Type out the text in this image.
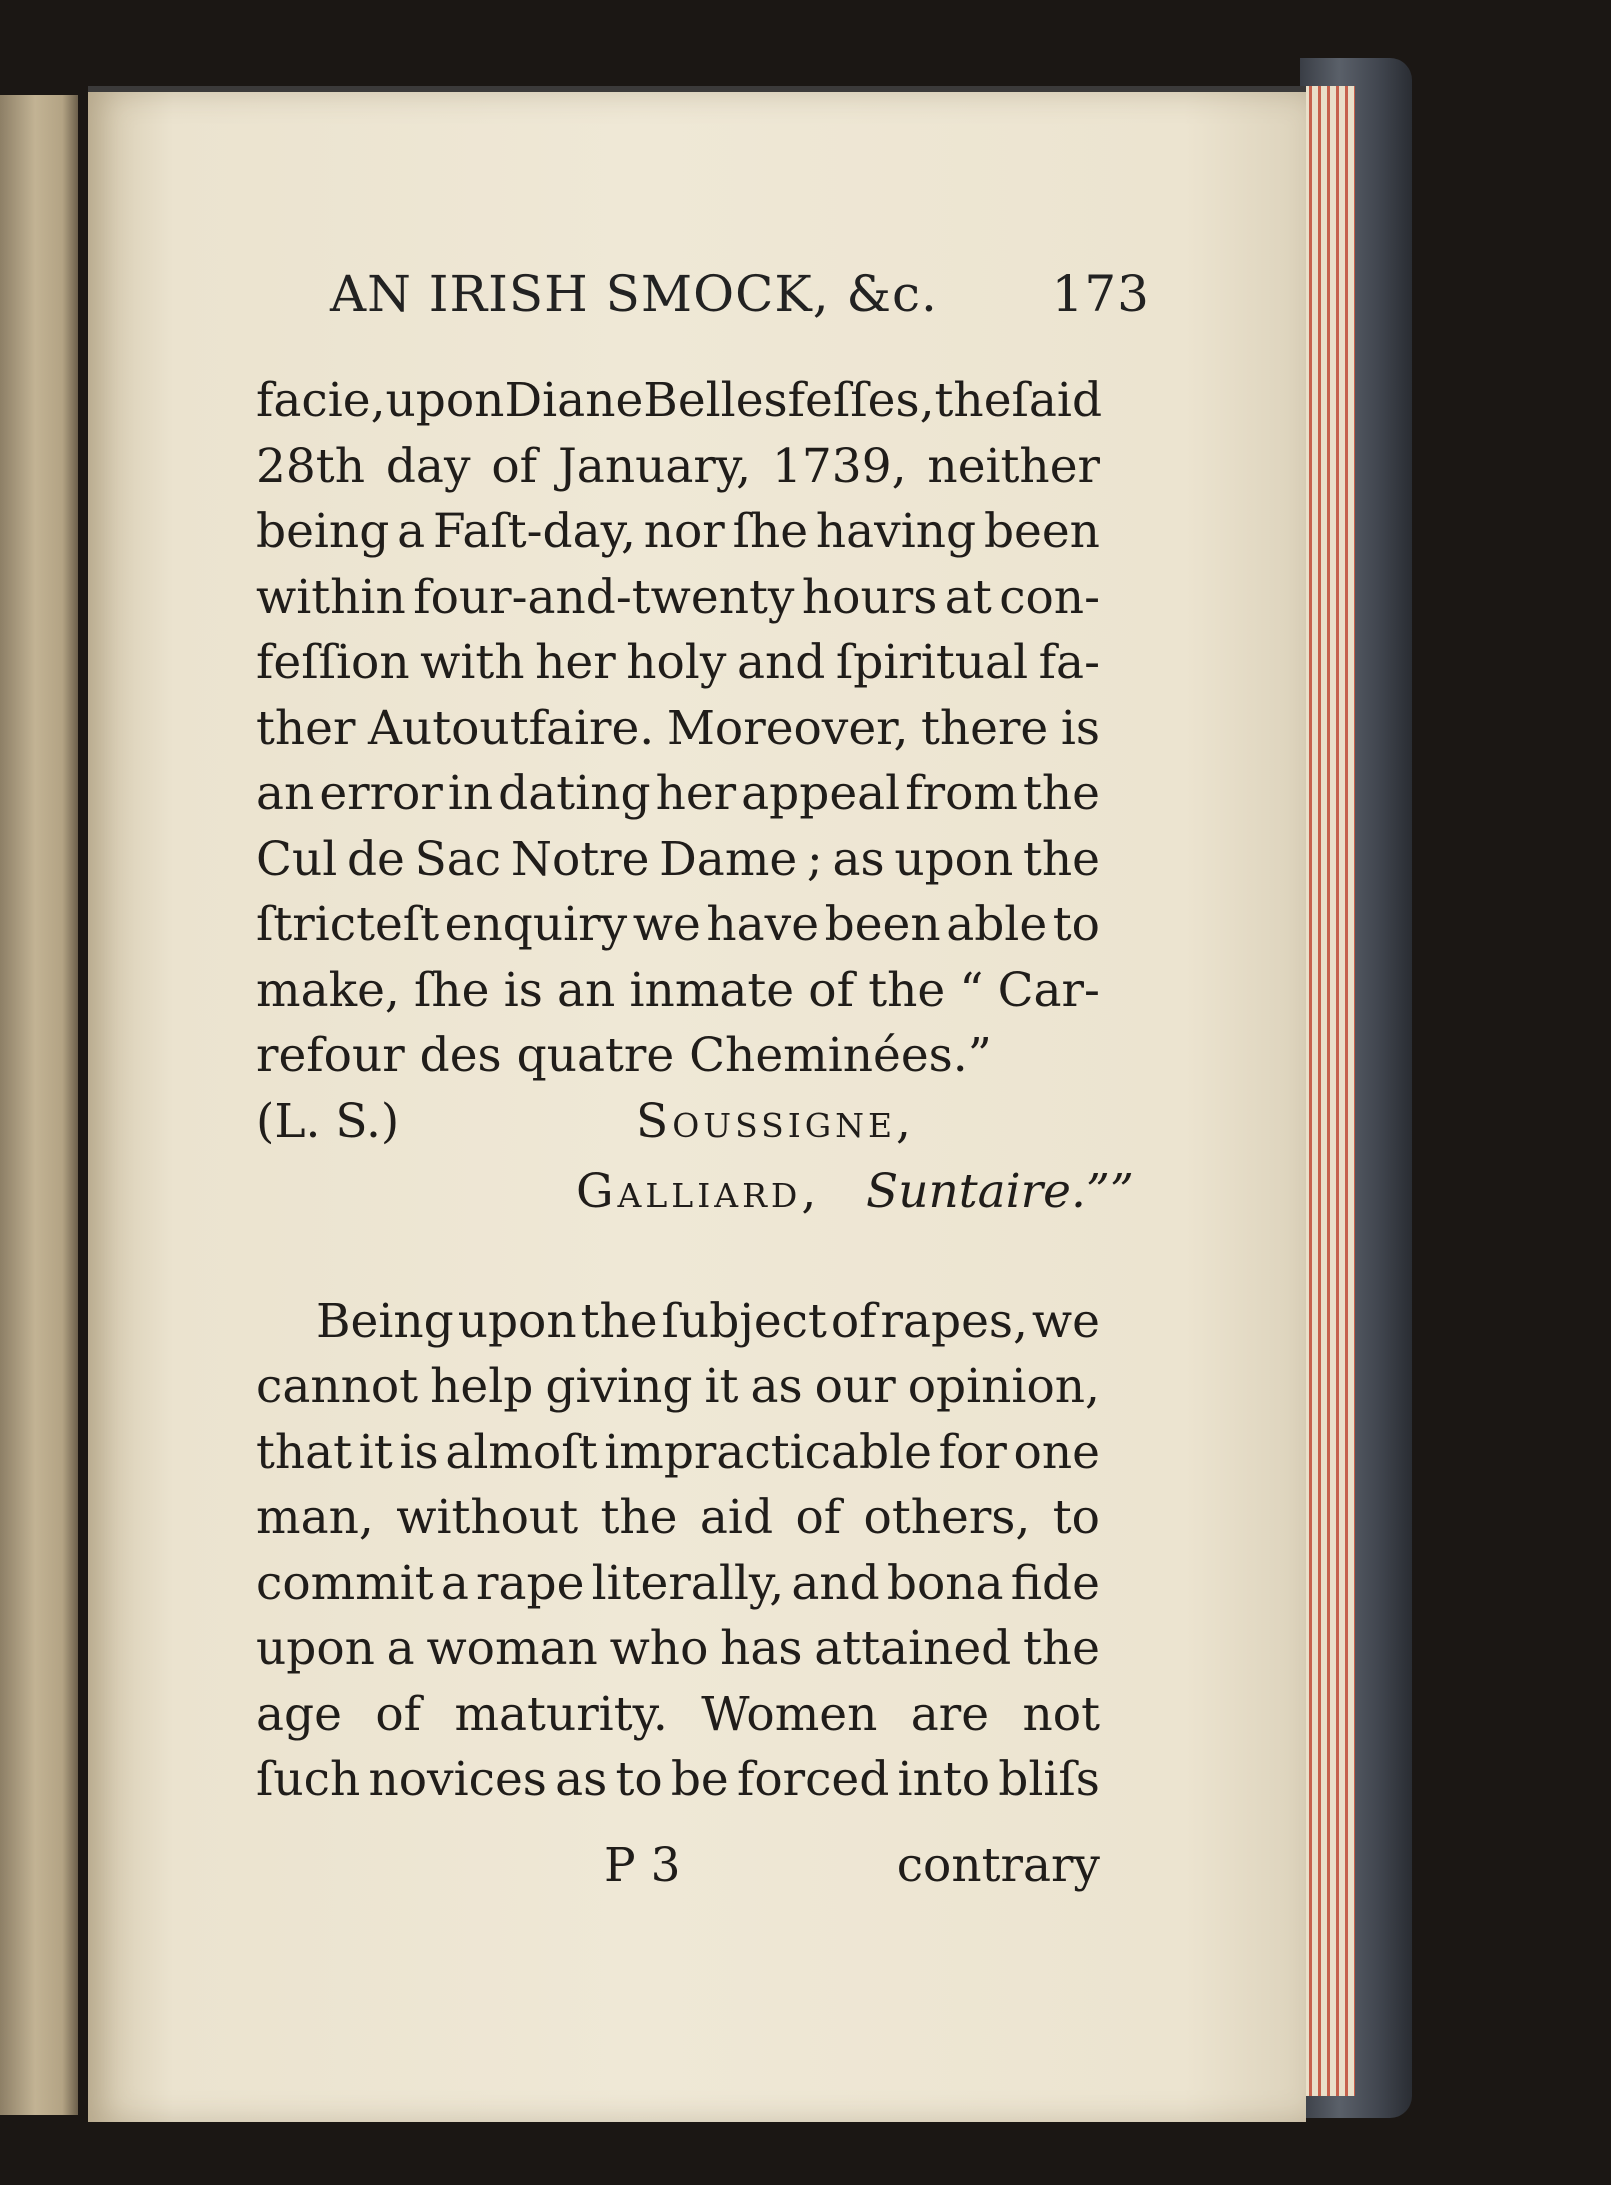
AN IRISH SMOCK, &c. 173
facie, upon Diane Bellesfeſſes, the ſaid
28th day of January, 1739, neither
being a Faſt-day, nor ſhe having been
within four-and-twenty hours at con-
feſſion with her holy and ſpiritual fa-
ther Autoutfaire. Moreover, there is
an error in dating her appeal from the
Cul de Sac Notre Dame ; as upon the
ſtricteſt enquiry we have been able to
make, ſhe is an inmate of the “ Car-
refour des quatre Cheminées.”
(L. S.)	Soussigne,
Galliard, Suntaire.””
Being upon the ſubject of rapes, we
cannot help giving it as our opinion,
that it is almoſt impracticable for one
man, without the aid of others, to
commit a rape literally, and bona fide
upon a woman who has attained the
age of maturity. Women are not
ſuch novices as to be forced into bliſs
P 3	contrary
